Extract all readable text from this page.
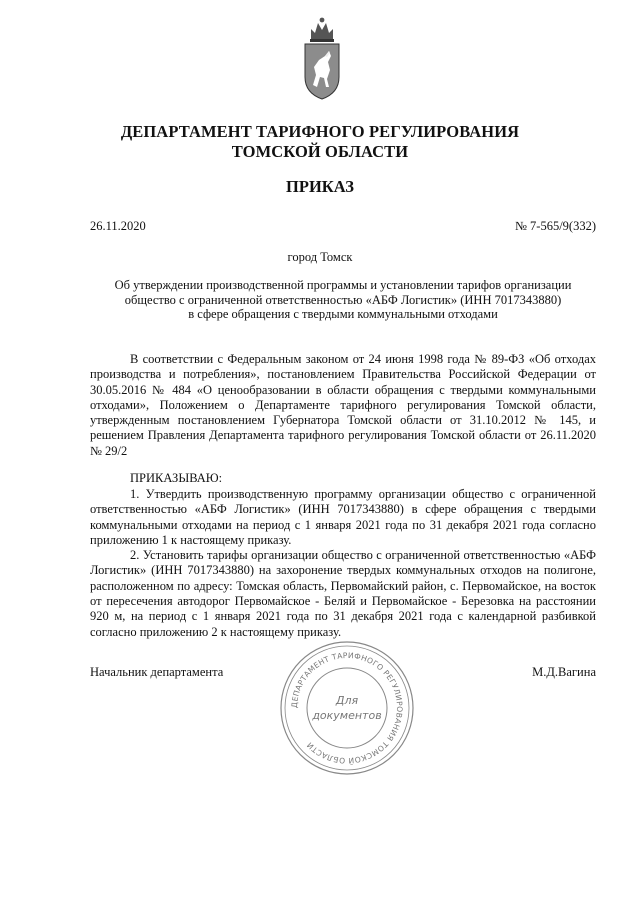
ДЕПАРТАМЕНТ ТАРИФНОГО РЕГУЛИРОВАНИЯ
ТОМСКОЙ ОБЛАСТИ
ПРИКАЗ
26.11.2020	№ 7-565/9(332)
город Томск
Об утверждении производственной программы и установлении тарифов организации
общество с ограниченной ответственностью «АБФ Логистик» (ИНН 7017343880)
в сфере обращения с твердыми коммунальными отходами

В соответствии с Федеральным законом от 24 июня 1998 года № 89-ФЗ «Об отходах производства и потребления», постановлением Правительства Российской Федерации от 30.05.2016 № 484 «О ценообразовании в области обращения с твердыми коммунальными отходами», Положением о Департаменте тарифного регулирования Томской области, утвержденным постановлением Губернатора Томской области от 31.10.2012 № 145, и решением Правления Департамента тарифного регулирования Томской области от 26.11.2020 № 29/2

ПРИКАЗЫВАЮ:

1. Утвердить производственную программу организации общество с ограниченной ответственностью «АБФ Логистик» (ИНН 7017343880) в сфере обращения с твердыми коммунальными отходами на период с 1 января 2021 года по 31 декабря 2021 года согласно приложению 1 к настоящему приказу.

2. Установить тарифы организации общество с ограниченной ответственностью «АБФ Логистик» (ИНН 7017343880) на захоронение твердых коммунальных отходов на полигоне, расположенном по адресу: Томская область, Первомайский район, с. Первомайское, на восток от пересечения автодорог Первомайское - Беляй и Первомайское - Березовка на расстоянии 920 м, на период с 1 января 2021 года по 31 декабря 2021 года с календарной разбивкой согласно приложению 2 к настоящему приказу.

Начальник департамента	М.Д.Вагина
ДЕПАРТАМЕНТ ТАРИФНОГО РЕГУЛИРОВАНИЯ ТОМСКОЙ ОБЛАСТИ
Для
документов
